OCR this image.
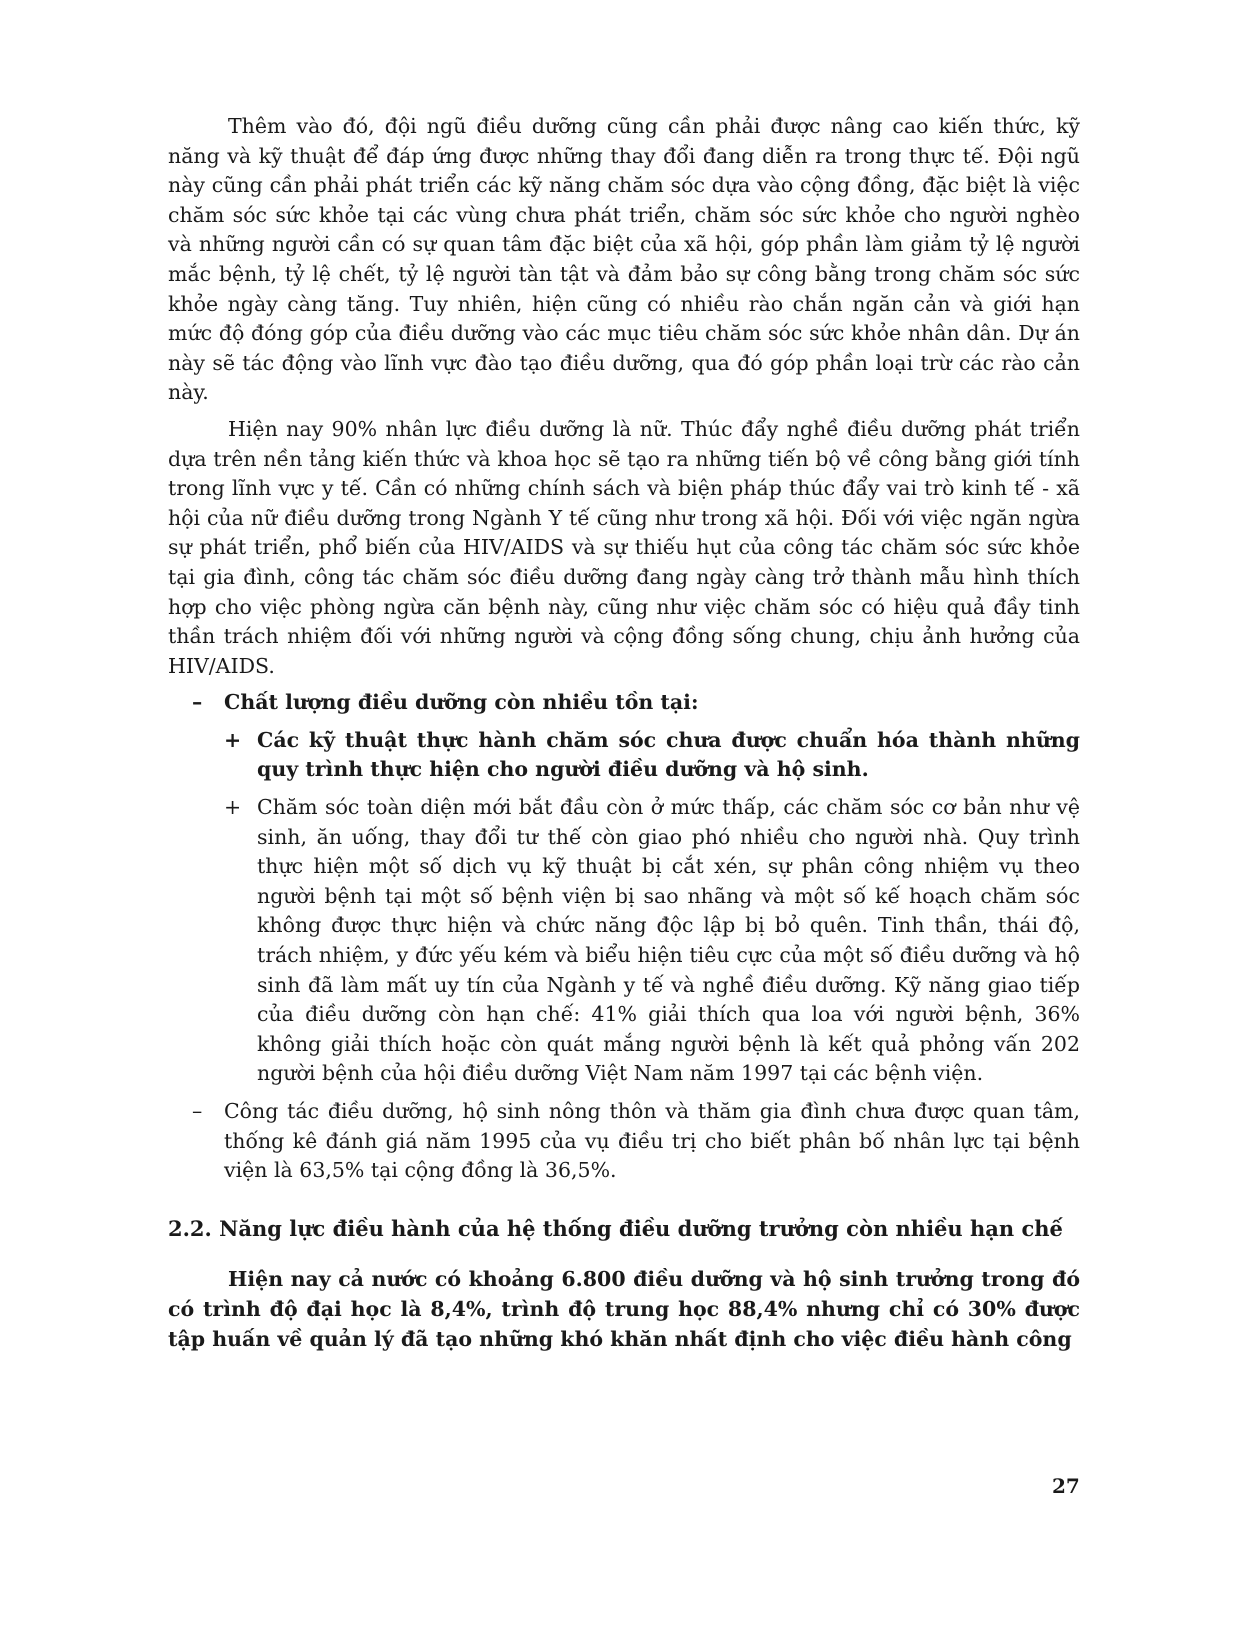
Thêm vào đó, đội ngũ điều dưỡng cũng cần phải được nâng cao kiến thức, kỹ năng và kỹ thuật để đáp ứng được những thay đổi đang diễn ra trong thực tế. Đội ngũ này cũng cần phải phát triển các kỹ năng chăm sóc dựa vào cộng đồng, đặc biệt là việc chăm sóc sức khỏe tại các vùng chưa phát triển, chăm sóc sức khỏe cho người nghèo và những người cần có sự quan tâm đặc biệt của xã hội, góp phần làm giảm tỷ lệ người mắc bệnh, tỷ lệ chết, tỷ lệ người tàn tật và đảm bảo sự công bằng trong chăm sóc sức khỏe ngày càng tăng. Tuy nhiên, hiện cũng có nhiều rào chắn ngăn cản và giới hạn mức độ đóng góp của điều dưỡng vào các mục tiêu chăm sóc sức khỏe nhân dân. Dự án này sẽ tác động vào lĩnh vực đào tạo điều dưỡng, qua đó góp phần loại trừ các rào cản này.

Hiện nay 90% nhân lực điều dưỡng là nữ. Thúc đẩy nghề điều dưỡng phát triển dựa trên nền tảng kiến thức và khoa học sẽ tạo ra những tiến bộ về công bằng giới tính trong lĩnh vực y tế. Cần có những chính sách và biện pháp thúc đẩy vai trò kinh tế - xã hội của nữ điều dưỡng trong Ngành Y tế cũng như trong xã hội. Đối với việc ngăn ngừa sự phát triển, phổ biến của HIV/AIDS và sự thiếu hụt của công tác chăm sóc sức khỏe tại gia đình, công tác chăm sóc điều dưỡng đang ngày càng trở thành mẫu hình thích hợp cho việc phòng ngừa căn bệnh này, cũng như việc chăm sóc có hiệu quả đầy tinh thần trách nhiệm đối với những người và cộng đồng sống chung, chịu ảnh hưởng của HIV/AIDS.

– Chất lượng điều dưỡng còn nhiều tồn tại:
+ Các kỹ thuật thực hành chăm sóc chưa được chuẩn hóa thành những quy trình thực hiện cho người điều dưỡng và hộ sinh.
+ Chăm sóc toàn diện mới bắt đầu còn ở mức thấp, các chăm sóc cơ bản như vệ sinh, ăn uống, thay đổi tư thế còn giao phó nhiều cho người nhà. Quy trình thực hiện một số dịch vụ kỹ thuật bị cắt xén, sự phân công nhiệm vụ theo người bệnh tại một số bệnh viện bị sao nhãng và một số kế hoạch chăm sóc không được thực hiện và chức năng độc lập bị bỏ quên. Tinh thần, thái độ, trách nhiệm, y đức yếu kém và biểu hiện tiêu cực của một số điều dưỡng và hộ sinh đã làm mất uy tín của Ngành y tế và nghề điều dưỡng. Kỹ năng giao tiếp của điều dưỡng còn hạn chế: 41% giải thích qua loa với người bệnh, 36% không giải thích hoặc còn quát mắng người bệnh là kết quả phỏng vấn 202 người bệnh của hội điều dưỡng Việt Nam năm 1997 tại các bệnh viện.
– Công tác điều dưỡng, hộ sinh nông thôn và thăm gia đình chưa được quan tâm, thống kê đánh giá năm 1995 của vụ điều trị cho biết phân bố nhân lực tại bệnh viện là 63,5% tại cộng đồng là 36,5%.
2.2. Năng lực điều hành của hệ thống điều dưỡng trưởng còn nhiều hạn chế

Hiện nay cả nước có khoảng 6.800 điều dưỡng và hộ sinh trưởng trong đó có trình độ đại học là 8,4%, trình độ trung học 88,4% nhưng chỉ có 30% được tập huấn về quản lý đã tạo những khó khăn nhất định cho việc điều hành công

27
